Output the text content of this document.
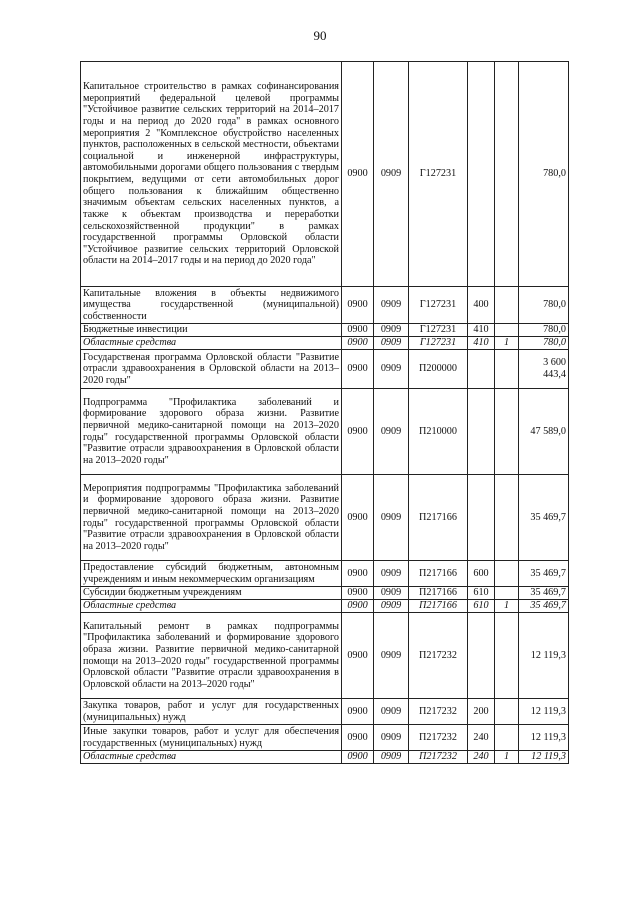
90
Капитальное строительство в рамках софинансирования мероприятий федеральной целевой программы "Устойчивое развитие сельских территорий на 2014–2017 годы и на период до 2020 года" в рамках основного мероприятия 2 "Комплексное обустройство населенных пунктов, расположенных в сельской местности, объектами социальной и инженерной инфраструктуры, автомобильными дорогами общего пользования с твердым покрытием, ведущими от сети автомобильных дорог общего пользования к ближайшим общественно значимым объектам сельских населенных пунктов, а также к объектам производства и переработки сельскохозяйственной продукции" в рамках государственной программы Орловской области "Устойчивое развитие сельских территорий Орловской области на 2014–2017 годы и на период до 2020 года"	0900	0909	Г127231			780,0
Капитальные вложения в объекты недвижимого имущества государственной (муниципальной) собственности	0900	0909	Г127231	400		780,0
Бюджетные инвестиции	0900	0909	Г127231	410		780,0
Областные средства	0900	0909	Г127231	410	1	780,0
Государственая программа Орловской области "Развитие отрасли здравоохранения в Орловской области на 2013–2020 годы"	0900	0909	П200000			3 600 443,4
Подпрограмма "Профилактика заболеваний и формирование здорового образа жизни. Развитие первичной медико-санитарной помощи на 2013–2020 годы" государственной программы Орловской области "Развитие отрасли здравоохранения в Орловской области на 2013–2020 годы"	0900	0909	П210000			47 589,0
Мероприятия подпрограммы "Профилактика заболеваний и формирование здорового образа жизни. Развитие первичной медико-санитарной помощи на 2013–2020 годы" государственной программы Орловской области "Развитие отрасли здравоохранения в Орловской области на 2013–2020 годы"	0900	0909	П217166			35 469,7
Предоставление субсидий бюджетным, автономным учреждениям и иным некоммерческим организациям	0900	0909	П217166	600		35 469,7
Субсидии бюджетным учреждениям	0900	0909	П217166	610		35 469,7
Областные средства	0900	0909	П217166	610	1	35 469,7
Капитальный ремонт в рамках подпрограммы "Профилактика заболеваний и формирование здорового образа жизни. Развитие первичной медико-санитарной помощи на 2013–2020 годы" государственной программы Орловской области "Развитие отрасли здравоохранения в Орловской области на 2013–2020 годы"	0900	0909	П217232			12 119,3
Закупка товаров, работ и услуг для государственных (муниципальных) нужд	0900	0909	П217232	200		12 119,3
Иные закупки товаров, работ и услуг для обеспечения государственных (муниципальных) нужд	0900	0909	П217232	240		12 119,3
Областные средства	0900	0909	П217232	240	1	12 119,3
